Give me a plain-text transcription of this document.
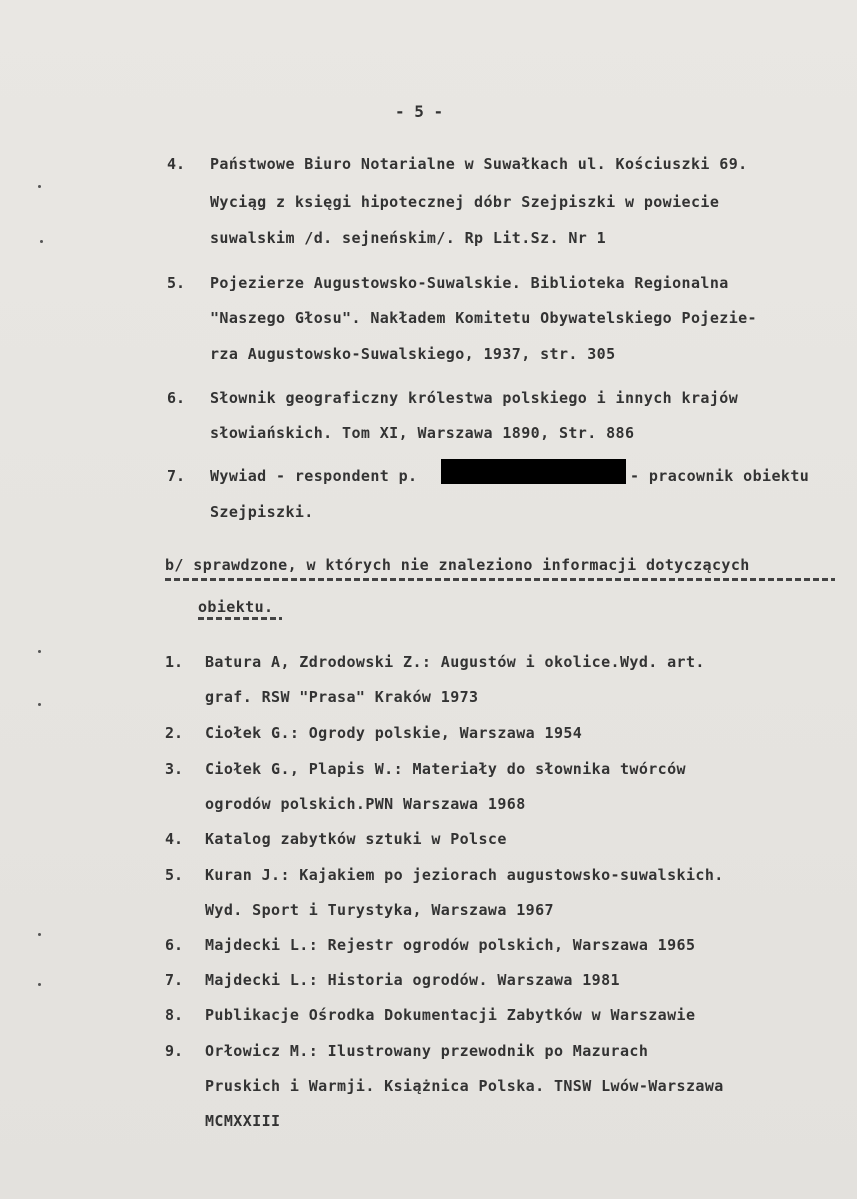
- 5 -
4. Państwowe Biuro Notarialne w Suwałkach ul. Kościuszki 69.
Wyciąg z księgi hipotecznej dóbr Szejpiszki w powiecie
suwalskim /d. sejneńskim/. Rp Lit.Sz. Nr 1
5. Pojezierze Augustowsko-Suwalskie. Biblioteka Regionalna
"Naszego Głosu". Nakładem Komitetu Obywatelskiego Pojezie-
rza Augustowsko-Suwalskiego, 1937, str. 305
6. Słownik geograficzny królestwa polskiego i innych krajów
słowiańskich. Tom XI, Warszawa 1890, Str. 886
7. Wywiad - respondent p.	- pracownik obiektu
Szejpiszki.
b/ sprawdzone, w których nie znaleziono informacji dotyczących
obiektu.
1. Batura A, Zdrodowski Z.: Augustów i okolice.Wyd. art.
graf. RSW "Prasa" Kraków 1973
2. Ciołek G.: Ogrody polskie, Warszawa 1954
3. Ciołek G., Plapis W.: Materiały do słownika twórców
ogrodów polskich.PWN Warszawa 1968
4. Katalog zabytków sztuki w Polsce
5. Kuran J.: Kajakiem po jeziorach augustowsko-suwalskich.
Wyd. Sport i Turystyka, Warszawa 1967
6. Majdecki L.: Rejestr ogrodów polskich, Warszawa 1965
7. Majdecki L.: Historia ogrodów. Warszawa 1981
8. Publikacje Ośrodka Dokumentacji Zabytków w Warszawie
9. Orłowicz M.: Ilustrowany przewodnik po Mazurach
Pruskich i Warmji. Książnica Polska. TNSW Lwów-Warszawa
MCMXXIII
